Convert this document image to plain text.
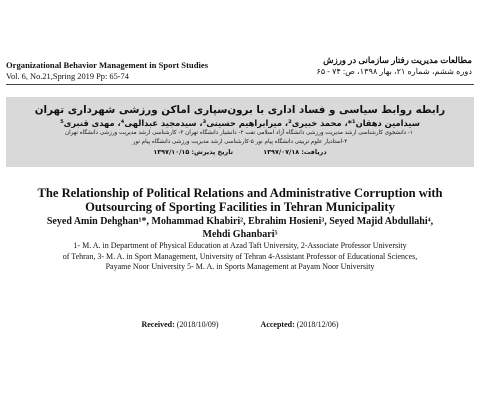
Organizational Behavior Management in Sport Studies
Vol. 6, No.21,Spring 2019 Pp: 65-74
مطالعات مدیریت رفتار سازمانی در ورزش
دوره ششم، شماره ۲۱، بهار ۱۳۹۸، ص: ۷۴ - ۶۵
رابطه روابط سیاسی و فساد اداری با برون‌سپاری اماکن ورزشی شهرداری تهران
سیدامین دهقان¹*، محمد خبیری²، میرابراهیم حسینی³، سیدمجید عبدالهی⁴، مهدی قنبری⁵
۱- دانشجوی کارشناسی ارشد مدیریت ورزشی دانشگاه آزاد اسلامی تفت ۲- دانشیار دانشگاه تهران ۳- کارشناسی ارشد مدیریت ورزشی دانشگاه تهران
۴-استادیار علوم تربیتی دانشگاه پیام نور ۵-کارشناسی ارشد مدیریت ورزشی دانشگاه پیام نور
دریافت: ۱۳۹۷/۰۷/۱۸ تاریخ پذیرش: ۱۳۹۷/۱۰/۱۵
The Relationship of Political Relations and Administrative Corruption with
Outsourcing of Sporting Facilities in Tehran Municipality
Seyed Amin Dehghan¹*, Mohammad Khabiri², Ebrahim Hosieni³, Seyed Majid Abdullahi⁴,
Mehdi Ghanbari⁵
1- M. A. in Department of Physical Education at Azad Taft University, 2-Associate Professor University
of Tehran, 3- M. A. in Sport Management, University of Tehran 4-Assistant Professor of Educational Sciences,
Payame Noor University 5- M. A. in Sports Management at Payam Noor University
Received: (2018/10/09)	Accepted: (2018/12/06)
